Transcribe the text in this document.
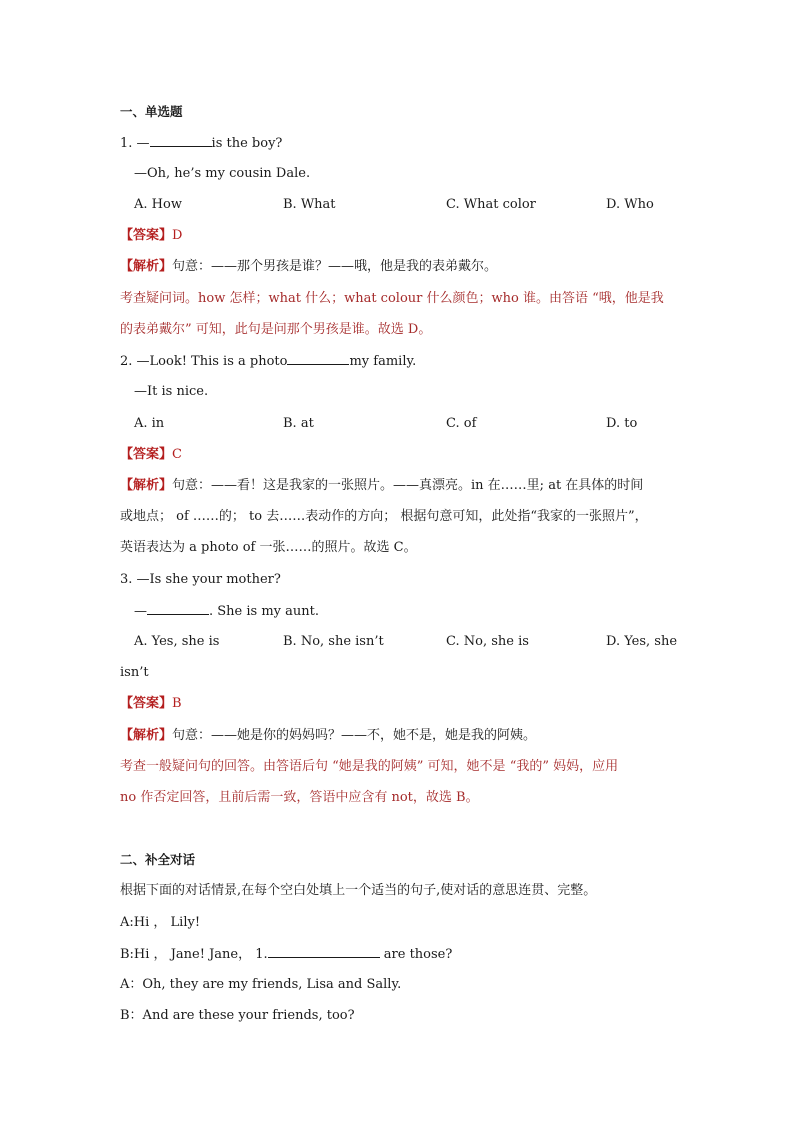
一、单选题
1. —	is the boy?
—Oh, he’s my cousin Dale.
A. How	B. What	C. What color	D. Who
【答案】D
【解析】句意：——那个男孩是谁？——哦，他是我的表弟戴尔。
考查疑问词。how 怎样；what 什么；what colour 什么颜色；who 谁。由答语 “哦，他是我
的表弟戴尔” 可知，此句是问那个男孩是谁。故选 D。
2. —Look! This is a photo	my family.
—It is nice.
A. in	B. at	C. of	D. to
【答案】C
【解析】句意：——看！这是我家的一张照片。——真漂亮。in 在……里; at 在具体的时间
或地点； of ……的； to 去……表动作的方向； 根据句意可知，此处指“我家的一张照片”，
英语表达为 a photo of 一张……的照片。故选 C。
3. —Is she your mother?
—	. She is my aunt.
A. Yes, she is	B. No, she isn’t	C. No, she is	D. Yes, she
isn’t
【答案】B
【解析】句意：——她是你的妈妈吗？——不，她不是，她是我的阿姨。
考查一般疑问句的回答。由答语后句 “她是我的阿姨” 可知，她不是 “我的” 妈妈，应用
no 作否定回答，且前后需一致，答语中应含有 not，故选 B。
二、补全对话
根据下面的对话情景,在每个空白处填上一个适当的句子,使对话的意思连贯、完整。
A:Hi ， Lily!
B:Hi ， Jane! Jane， 1.	are those?
A：Oh, they are my friends, Lisa and Sally.
B：And are these your friends, too?
